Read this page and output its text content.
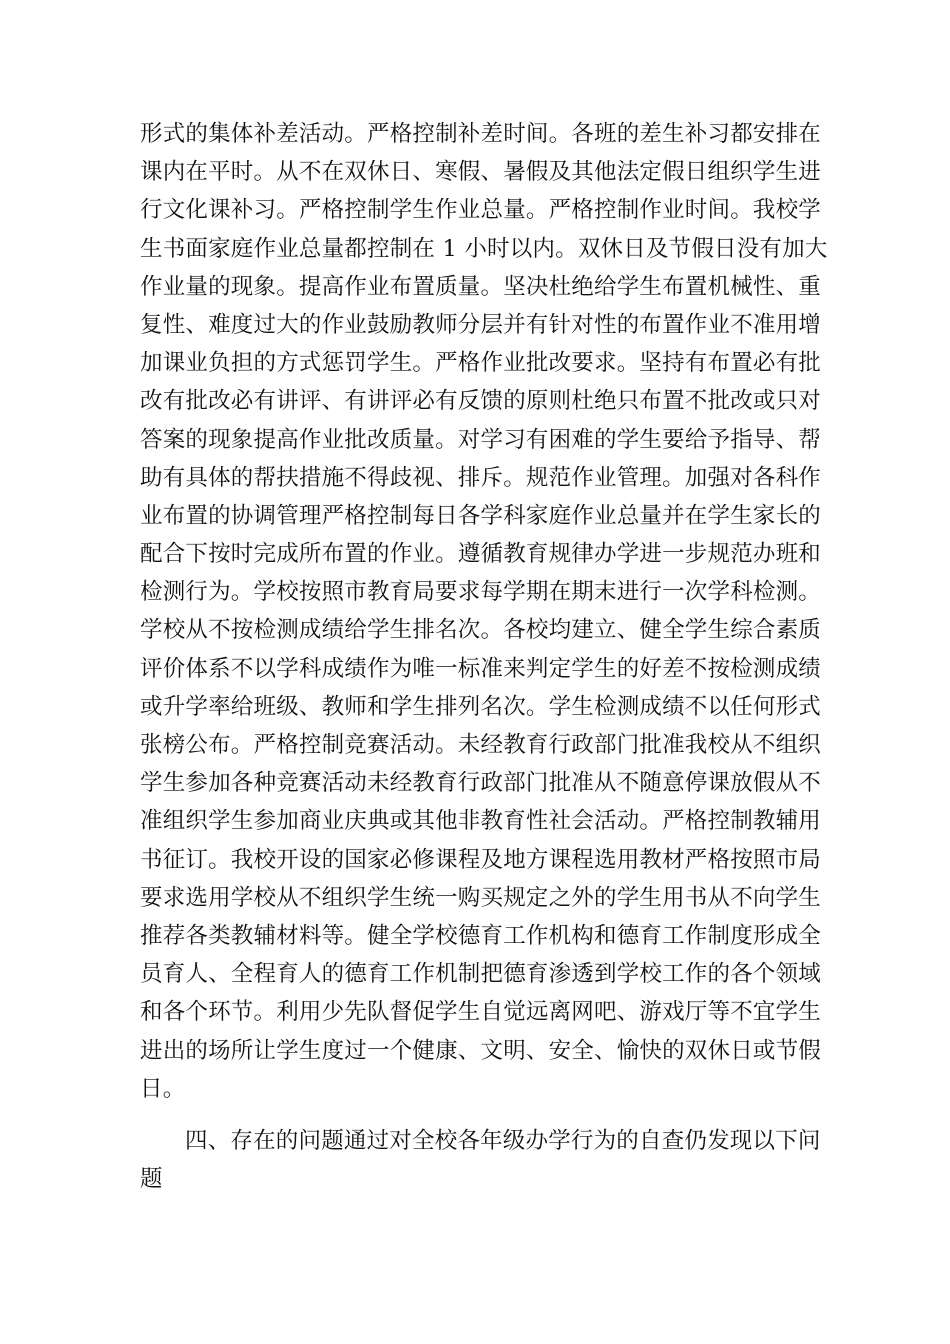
形式的集体补差活动。严格控制补差时间。各班的差生补习都安排在
课内在平时。从不在双休日、寒假、暑假及其他法定假日组织学生进
行文化课补习。严格控制学生作业总量。严格控制作业时间。我校学
生书面家庭作业总量都控制在 1 小时以内。双休日及节假日没有加大
作业量的现象。提高作业布置质量。坚决杜绝给学生布置机械性、重
复性、难度过大的作业鼓励教师分层并有针对性的布置作业不准用增
加课业负担的方式惩罚学生。严格作业批改要求。坚持有布置必有批
改有批改必有讲评、有讲评必有反馈的原则杜绝只布置不批改或只对
答案的现象提高作业批改质量。对学习有困难的学生要给予指导、帮
助有具体的帮扶措施不得歧视、排斥。规范作业管理。加强对各科作
业布置的协调管理严格控制每日各学科家庭作业总量并在学生家长的
配合下按时完成所布置的作业。遵循教育规律办学进一步规范办班和
检测行为。学校按照市教育局要求每学期在期末进行一次学科检测。
学校从不按检测成绩给学生排名次。各校均建立、健全学生综合素质
评价体系不以学科成绩作为唯一标准来判定学生的好差不按检测成绩
或升学率给班级、教师和学生排列名次。学生检测成绩不以任何形式
张榜公布。严格控制竞赛活动。未经教育行政部门批准我校从不组织
学生参加各种竞赛活动未经教育行政部门批准从不随意停课放假从不
准组织学生参加商业庆典或其他非教育性社会活动。严格控制教辅用
书征订。我校开设的国家必修课程及地方课程选用教材严格按照市局
要求选用学校从不组织学生统一购买规定之外的学生用书从不向学生
推荐各类教辅材料等。健全学校德育工作机构和德育工作制度形成全
员育人、全程育人的德育工作机制把德育渗透到学校工作的各个领域
和各个环节。利用少先队督促学生自觉远离网吧、游戏厅等不宜学生
进出的场所让学生度过一个健康、文明、安全、愉快的双休日或节假
日。
四、存在的问题通过对全校各年级办学行为的自查仍发现以下问
题
